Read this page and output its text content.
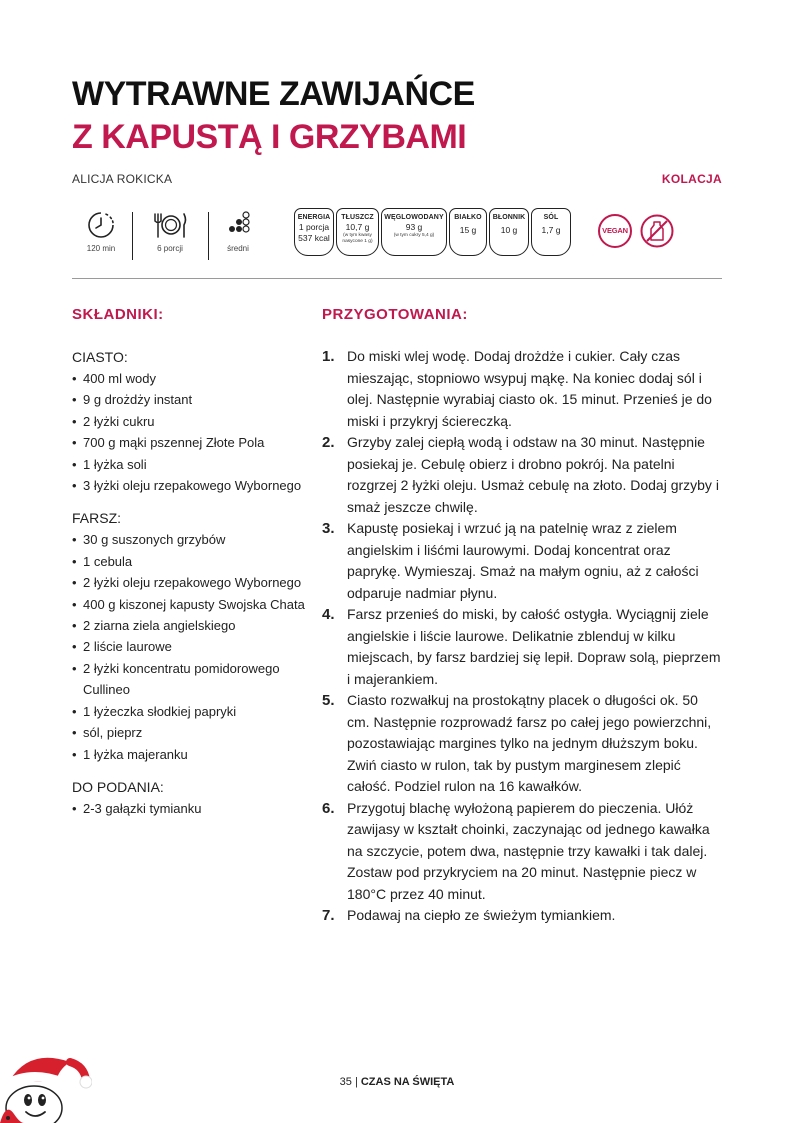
WYTRAWNE ZAWIJAŃCE
Z KAPUSTĄ I GRZYBAMI
ALICJA ROKICKA	KOLACJA
120 min	6 porcji	średni
ENERGIA
1 porcja
537 kcal
TŁUSZCZ
10,7 g
(w tym kwasy nasycone 1 g)
WĘGLOWODANY
93 g
(w tym cukry 5,4 g)
BIAŁKO
15 g
BŁONNIK
10 g
SÓL
1,7 g	VEGAN
SKŁADNIKI:	PRZYGOTOWANIA:
CIASTO:
• 400 ml wody
• 9 g drożdży instant
• 2 łyżki cukru
• 700 g mąki pszennej Złote Pola
• 1 łyżka soli
• 3 łyżki oleju rzepakowego Wybornego
FARSZ:
• 30 g suszonych grzybów
• 1 cebula
• 2 łyżki oleju rzepakowego Wybornego
• 400 g kiszonej kapusty Swojska Chata
• 2 ziarna ziela angielskiego
• 2 liście laurowe
• 2 łyżki koncentratu pomidorowego Cullineo
• 1 łyżeczka słodkiej papryki
• sól, pieprz
• 1 łyżka majeranku
DO PODANIA:
• 2-3 gałązki tymianku
1. Do miski wlej wodę. Dodaj drożdże i cukier. Cały czas mieszając, stopniowo wsypuj mąkę. Na koniec dodaj sól i olej. Następnie wyrabiaj ciasto ok. 15 minut. Przenieś je do miski i przykryj ściereczką.
2. Grzyby zalej ciepłą wodą i odstaw na 30 minut. Następnie posiekaj je. Cebulę obierz i drobno pokrój. Na patelni rozgrzej 2 łyżki oleju. Usmaż cebulę na złoto. Dodaj grzyby i smaż jeszcze chwilę.
3. Kapustę posiekaj i wrzuć ją na patelnię wraz z zielem angielskim i liśćmi laurowymi. Dodaj koncentrat oraz paprykę. Wymieszaj. Smaż na małym ogniu, aż z całości odparuje nadmiar płynu.
4. Farsz przenieś do miski, by całość ostygła. Wyciągnij ziele angielskie i liście laurowe. Delikatnie zblenduj w kilku miejscach, by farsz bardziej się lepił. Dopraw solą, pieprzem i majerankiem.
5. Ciasto rozwałkuj na prostokątny placek o długości ok. 50 cm. Następnie rozprowadź farsz po całej jego powierzchni, pozostawiając margines tylko na jednym dłuższym boku. Zwiń ciasto w rulon, tak by pustym marginesem zlepić całość. Podziel rulon na 16 kawałków.
6. Przygotuj blachę wyłożoną papierem do pieczenia. Ułóż zawijasy w kształt choinki, zaczynając od jednego kawałka na szczycie, potem dwa, następnie trzy kawałki i tak dalej. Zostaw pod przykryciem na 20 minut. Następnie piecz w 180°C przez 40 minut.
7. Podawaj na ciepło ze świeżym tymiankiem.
35 | CZAS NA ŚWIĘTA
